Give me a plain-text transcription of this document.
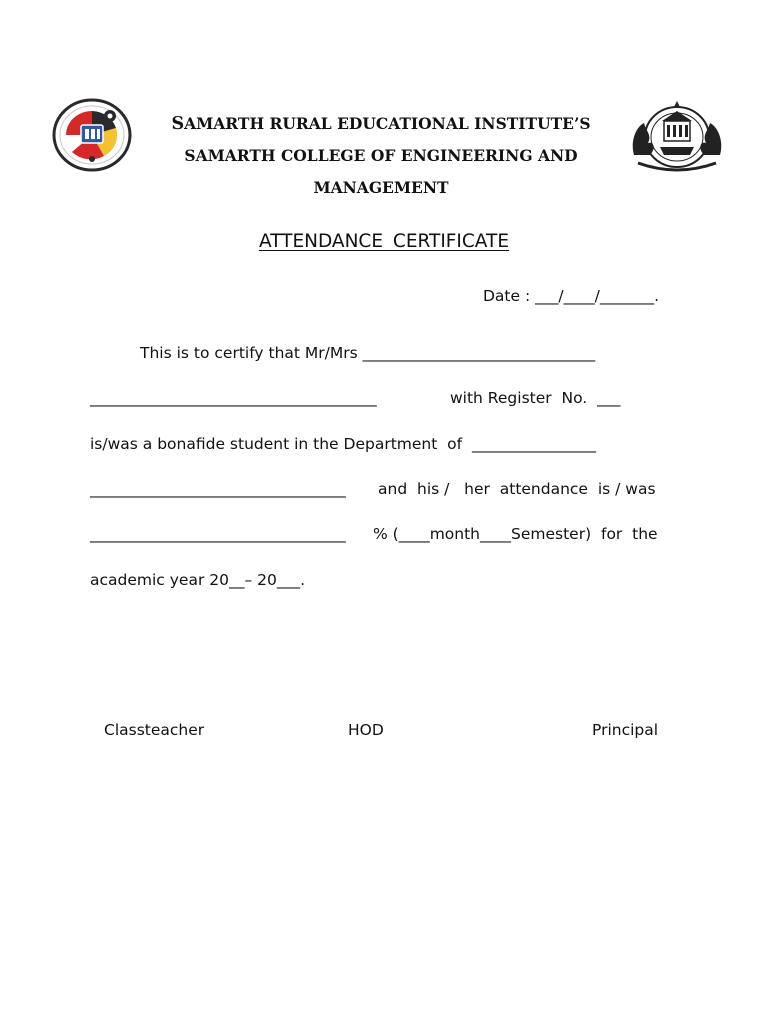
SAMARTH RURAL EDUCATIONAL INSTITUTE’S
SAMARTH COLLEGE OF ENGINEERING AND
MANAGEMENT
ATTENDANCE CERTIFICATE
Date : ___/____/_______.
This is to certify that Mr/Mrs ______________________________
_____________________________________	with Register  No.  ___
is/was a bonafide student in the Department  of  ________________
_________________________________ and  his /   her  attendance  is / was
_________________________________ % (____month____Semester)  for  the
academic year 20__– 20___.
Classteacher	HOD	Principal
